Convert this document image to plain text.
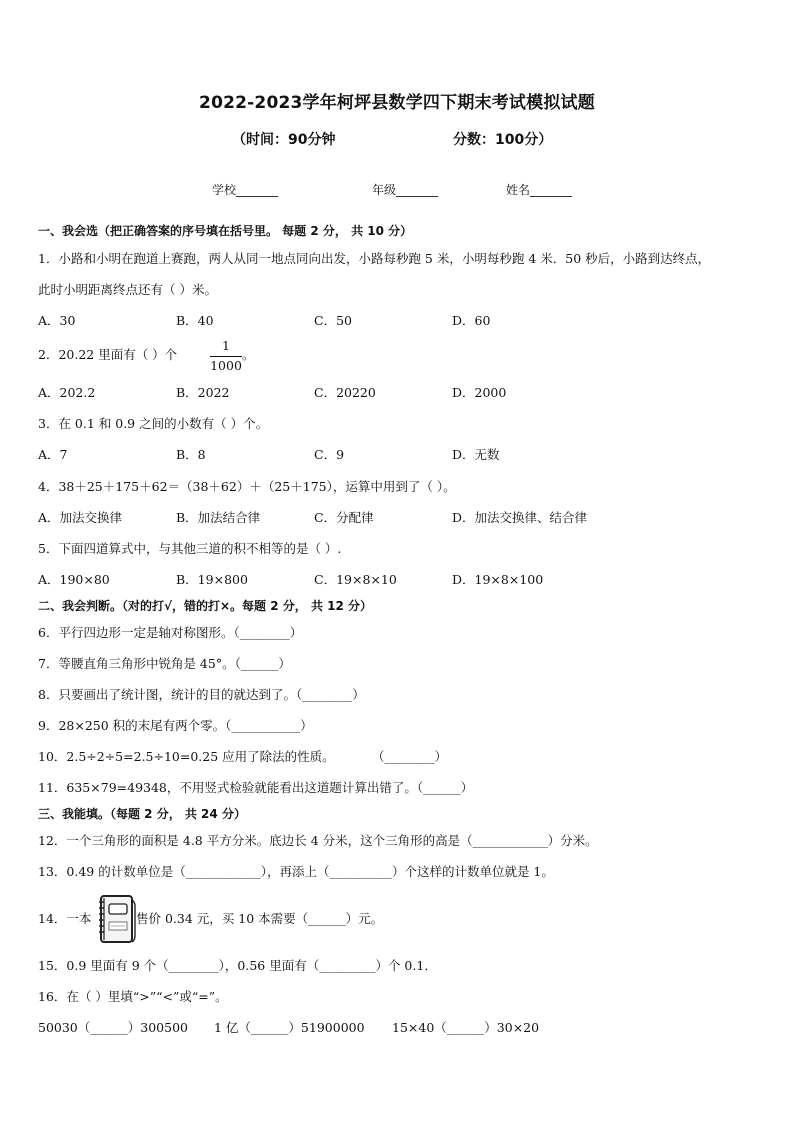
2022-2023学年柯坪县数学四下期末考试模拟试题
（时间：90分钟	分数：100分）
学校_______	年级_______	姓名_______
一、我会选（把正确答案的序号填在括号里。 每题 2 分， 共 10 分）
1．小路和小明在跑道上赛跑，两人从同一地点同向出发，小路每秒跑 5 米，小明每秒跑 4 米．50 秒后，小路到达终点，
此时小明距离终点还有（ ）米。
A．30	B．40	C．50	D．60
2．20.22 里面有（ ）个
1
1000
。
A．202.2	B．2022	C．20220	D．2000
3．在 0.1 和 0.9 之间的小数有（ ）个。
A．7	B．8	C．9	D．无数
4．38＋25＋175＋62＝（38＋62）＋（25＋175），运算中用到了（ ）。
A．加法交换律	B．加法结合律	C．分配律	D．加法交换律、结合律
5．下面四道算式中，与其他三道的积不相等的是（ ）.
A．190×80	B．19×800	C．19×8×10	D．19×8×100
二、我会判断。（对的打√，错的打×。每题 2 分， 共 12 分）
6．平行四边形一定是轴对称图形。（________）
7．等腰直角三角形中锐角是 45°。（______）
8．只要画出了统计图，统计的目的就达到了。（________）
9．28×250 积的末尾有两个零。（___________）
10．2.5÷2÷5=2.5÷10=0.25 应用了除法的性质。	（________）
11．635×79=49348，不用竖式检验就能看出这道题计算出错了。（______）
三、我能填。（每题 2 分， 共 24 分）
12．一个三角形的面积是 4.8 平方分米。底边长 4 分米，这个三角形的高是（____________）分米。
13．0.49 的计数单位是（____________），再添上（__________）个这样的计数单位就是 1。
14．一本	售价 0.34 元，买 10 本需要（______）元。
15．0.9 里面有 9 个（________），0.56 里面有（_________）个 0.1．
16．在（ ）里填“>”“<”或“=”。
50030（______）300500 1 亿（______）51900000 15×40（______）30×20
